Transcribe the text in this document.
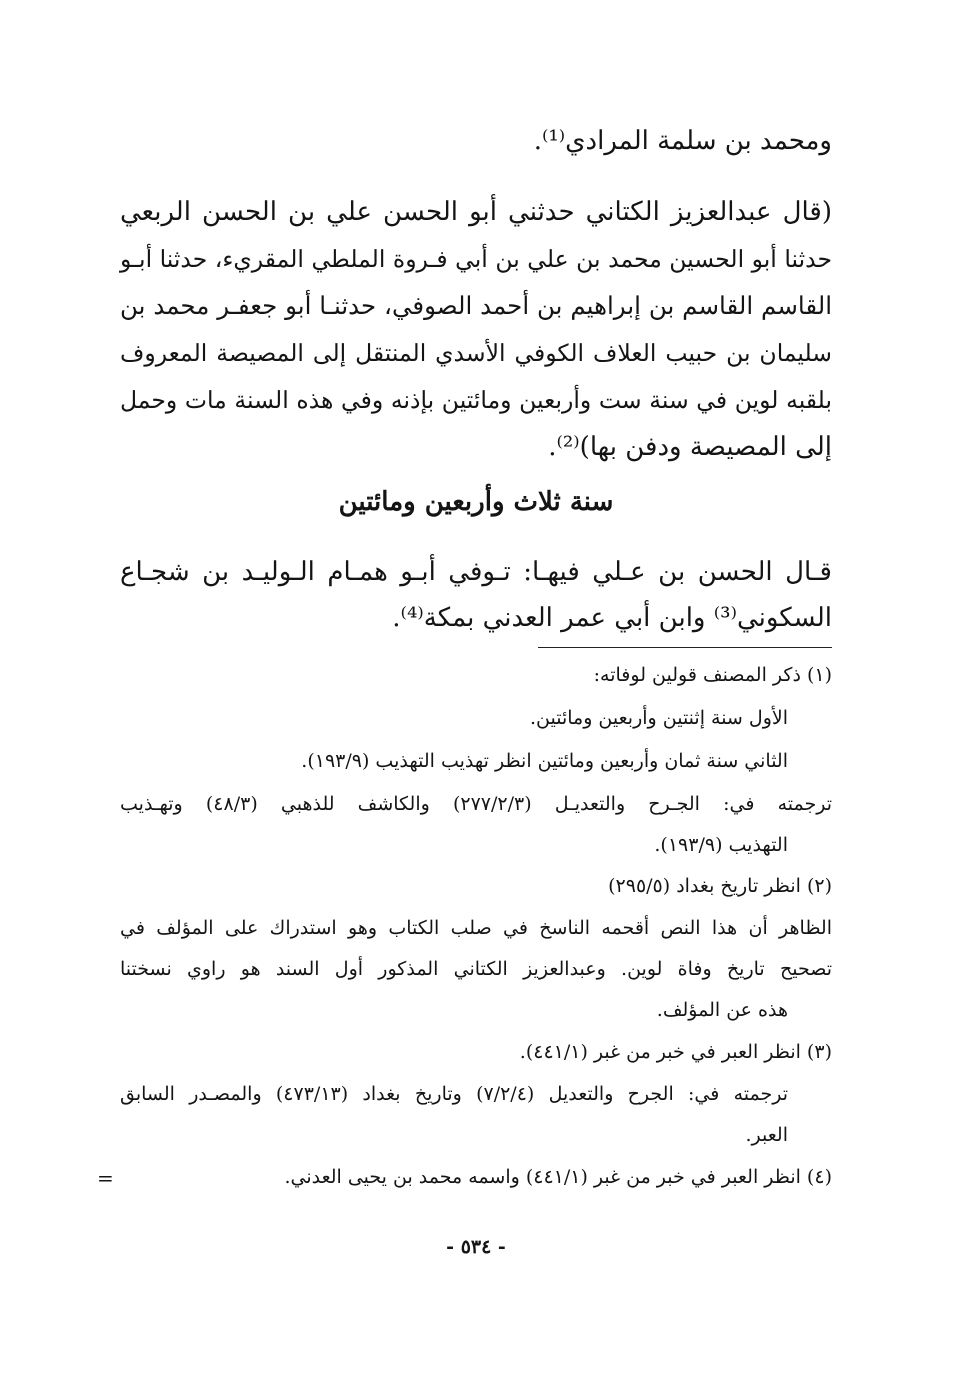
ومحمد بن سلمة المرادي⁽¹⁾.
(قال عبدالعزيز الكتاني حدثني أبو الحسن علي بن الحسن الربعي
حدثنا أبو الحسين محمد بن علي بن أبي فـروة الملطي المقريء، حدثنا أبـو
القاسم القاسم بن إبراهيم بن أحمد الصوفي، حدثنـا أبو جعفـر محمد بن
سليمان بن حبيب العلاف الكوفي الأسدي المنتقل إلى المصيصة المعروف
بلقبه لوين في سنة ست وأربعين ومائتين بإذنه وفي هذه السنة مات وحمل
إلى المصيصة ودفن بها)⁽²⁾.
سنة ثلاث وأربعين ومائتين
قـال الحسن بن عـلي فيهـا: تـوفي أبـو همـام الـوليـد بن شجـاع
السكوني⁽³⁾ وابن أبي عمر العدني بمكة⁽⁴⁾.
(١) ذكر المصنف قولين لوفاته:
الأول سنة إثنتين وأربعين ومائتين.
الثاني سنة ثمان وأربعين ومائتين انظر تهذيب التهذيب (١٩٣/٩).
ترجمته في: الجـرح والتعديـل (٢٧٧/٢/٣) والكاشف للذهبي (٤٨/٣) وتهـذيب
التهذيب (١٩٣/٩).
(٢) انظر تاريخ بغداد (٢٩٥/٥)
الظاهر أن هذا النص أقحمه الناسخ في صلب الكتاب وهو استدراك على المؤلف في
تصحيح تاريخ وفاة لوين. وعبدالعزيز الكتاني المذكور أول السند هو راوي نسختنا
هذه عن المؤلف.
(٣) انظر العبر في خبر من غبر (٤٤١/١).
ترجمته في: الجرح والتعديل (٧/٢/٤) وتاريخ بغداد (٤٧٣/١٣) والمصـدر السابق
العبر.
(٤) انظر العبر في خبر من غبر (٤٤١/١) واسمه محمد بن يحيى العدني.
- ٥٣٤ -
=
